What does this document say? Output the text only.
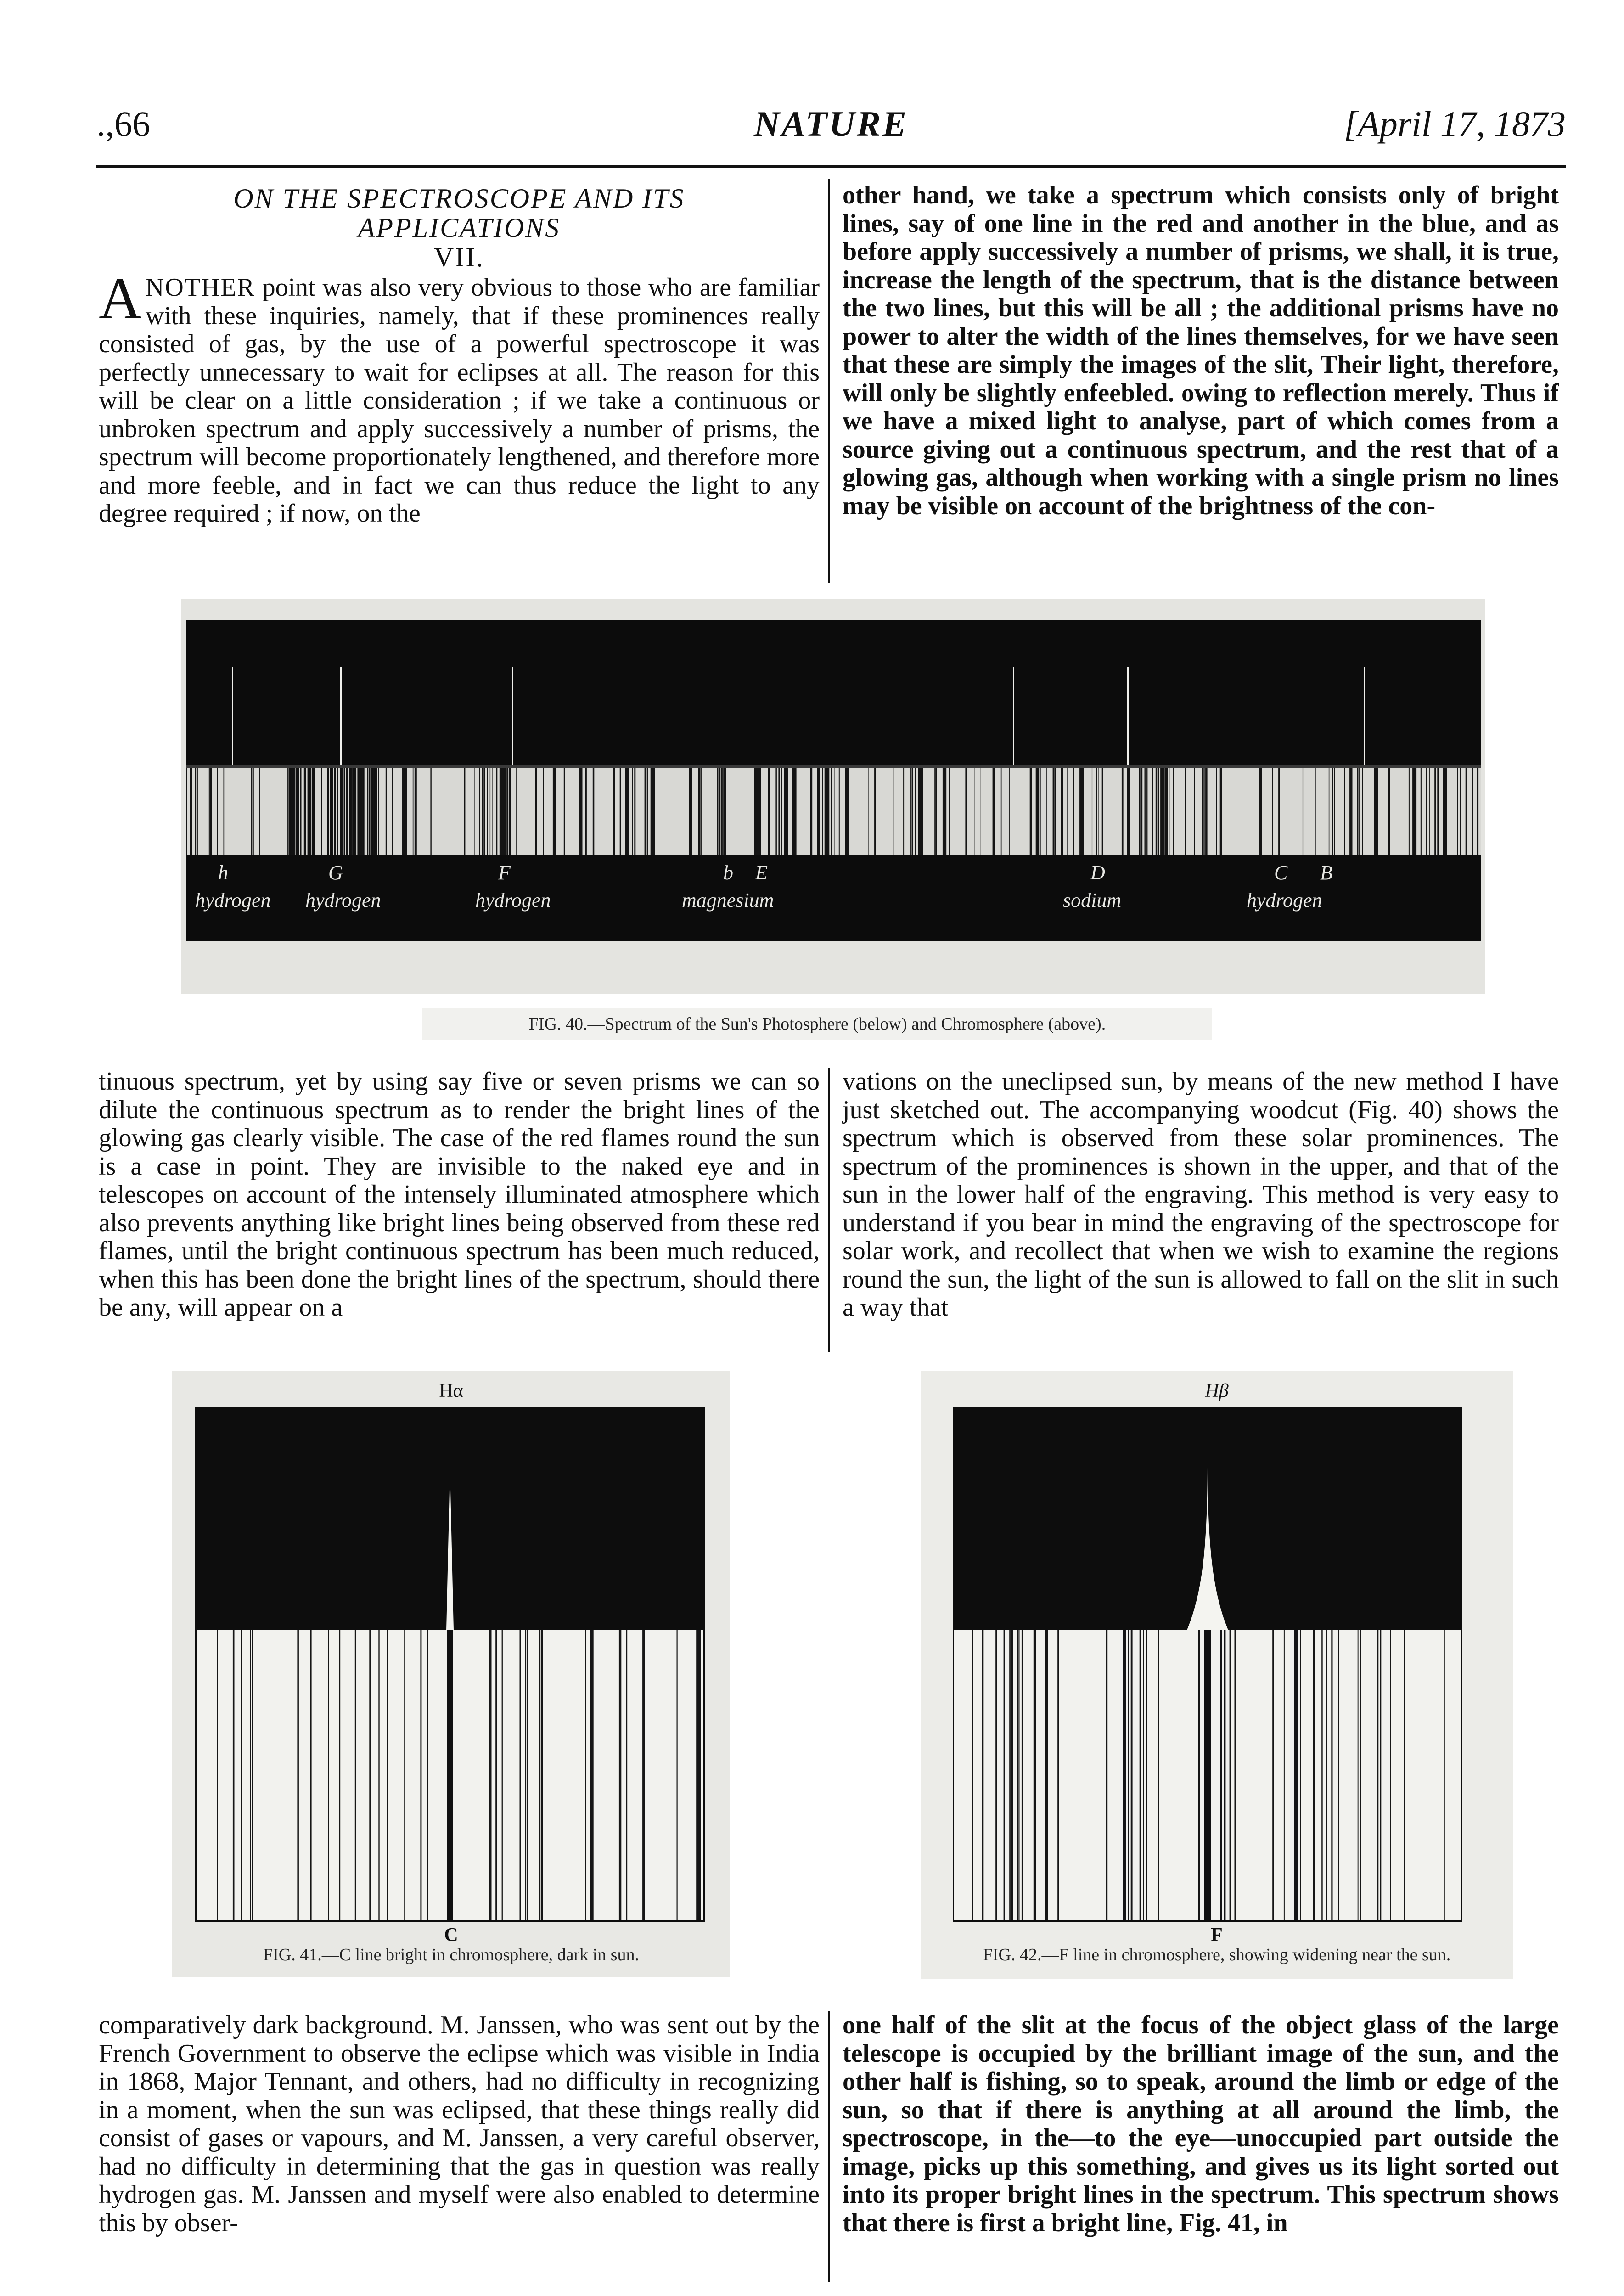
.,66	NATURE	[April 17, 1873
ON THE SPECTROSCOPE AND ITS APPLICATIONS
VII.
ANOTHER point was also very obvious to those who are familiar with these inquiries, namely, that if these prominences really consisted of gas, by the use of a powerful spectroscope it was perfectly unnecessary to wait for eclipses at all. The reason for this will be clear on a little consideration ; if we take a continuous or unbroken spectrum and apply successively a number of prisms, the spectrum will become proportionately lengthened, and therefore more and more feeble, and in fact we can thus reduce the light to any degree required ; if now, on the

other hand, we take a spectrum which consists only of bright lines, say of one line in the red and another in the blue, and as before apply successively a number of prisms, we shall, it is true, increase the length of the spectrum, that is the distance between the two lines, but this will be all ; the additional prisms have no power to alter the width of the lines themselves, for we have seen that these are simply the images of the slit, Their light, therefore, will only be slightly enfeebled. owing to reflection merely. Thus if we have a mixed light to analyse, part of which comes from a source giving out a continuous spectrum, and the rest that of a glowing gas, although when working with a single prism no lines may be visible on account of the brightness of the con-

h	G	F	b E	D	C B
hydrogen hydrogen	hydrogen	magnesium	sodium	hydrogen
FIG. 40.—Spectrum of the Sun's Photosphere (below) and Chromosphere (above).

tinuous spectrum, yet by using say five or seven prisms we can so dilute the continuous spectrum as to render the bright lines of the glowing gas clearly visible. The case of the red flames round the sun is a case in point. They are invisible to the naked eye and in telescopes on account of the intensely illuminated atmosphere which also prevents anything like bright lines being observed from these red flames, until the bright continuous spectrum has been much reduced, when this has been done the bright lines of the spectrum, should there be any, will appear on a

vations on the uneclipsed sun, by means of the new method I have just sketched out. The accompanying woodcut (Fig. 40) shows the spectrum which is observed from these solar prominences. The spectrum of the prominences is shown in the upper, and that of the sun in the lower half of the engraving. This method is very easy to understand if you bear in mind the engraving of the spectroscope for solar work, and recollect that when we wish to examine the regions round the sun, the light of the sun is allowed to fall on the slit in such a way that

Hα
C
FIG. 41.—C line bright in chromosphere, dark in sun.
Hβ
F
FIG. 42.—F line in chromosphere, showing widening near the sun.

comparatively dark background. M. Janssen, who was sent out by the French Government to observe the eclipse which was visible in India in 1868, Major Tennant, and others, had no difficulty in recognizing in a moment, when the sun was eclipsed, that these things really did consist of gases or vapours, and M. Janssen, a very careful observer, had no difficulty in determining that the gas in question was really hydrogen gas. M. Janssen and myself were also enabled to determine this by obser-

one half of the slit at the focus of the object glass of the large telescope is occupied by the brilliant image of the sun, and the other half is fishing, so to speak, around the limb or edge of the sun, so that if there is anything at all around the limb, the spectroscope, in the—to the eye—unoccupied part outside the image, picks up this something, and gives us its light sorted out into its proper bright lines in the spectrum. This spectrum shows that there is first a bright line, Fig. 41, in
